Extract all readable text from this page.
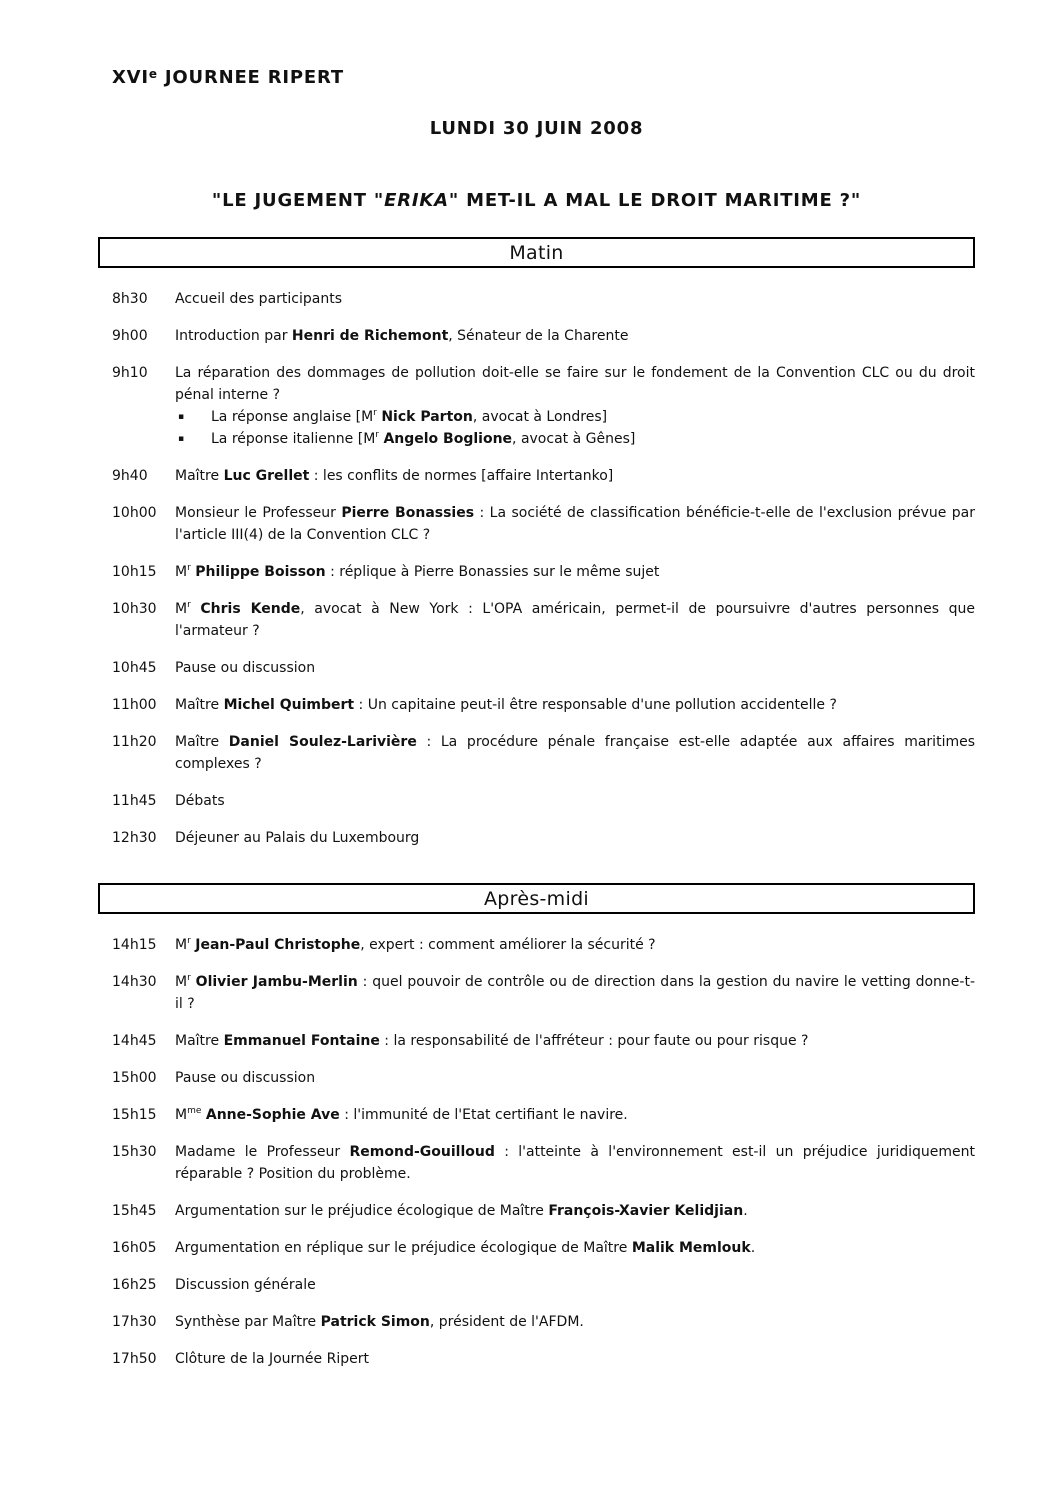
XVIe JOURNEE RIPERT
LUNDI 30 JUIN 2008
"LE JUGEMENT "ERIKA" MET-IL A MAL LE DROIT MARITIME ?"
Matin
8h30	Accueil des participants
9h00	Introduction par Henri de Richemont, Sénateur de la Charente
9h10	La réparation des dommages de pollution doit-elle se faire sur le fondement de la Convention CLC ou du droit pénal interne ?
▪	La réponse anglaise [$M^r$ Nick Parton, avocat à Londres]
▪	La réponse italienne [$M^r$ Angelo Boglione, avocat à Gênes]
9h40	Maître Luc Grellet : les conflits de normes [affaire Intertanko]
10h00	Monsieur le Professeur Pierre Bonassies : La société de classification bénéficie-t-elle de l'exclusion prévue par l'article III(4) de la Convention CLC ?
10h15	$M^r$ Philippe Boisson : réplique à Pierre Bonassies sur le même sujet
10h30	$M^r$ Chris Kende, avocat à New York : L'OPA américain, permet-il de poursuivre d'autres personnes que l'armateur ?
10h45	Pause ou discussion
11h00	Maître Michel Quimbert : Un capitaine peut-il être responsable d'une pollution accidentelle ?
11h20	Maître Daniel Soulez-Larivière : La procédure pénale française est-elle adaptée aux affaires maritimes complexes ?
11h45	Débats
12h30	Déjeuner au Palais du Luxembourg
Après-midi
14h15	$M^r$ Jean-Paul Christophe, expert : comment améliorer la sécurité ?
14h30	$M^r$ Olivier Jambu-Merlin : quel pouvoir de contrôle ou de direction dans la gestion du navire le vetting donne-t-il ?
14h45	Maître Emmanuel Fontaine : la responsabilité de l'affréteur : pour faute ou pour risque ?
15h00	Pause ou discussion
15h15	$M^{me}$ Anne-Sophie Ave : l'immunité de l'Etat certifiant le navire.
15h30	Madame le Professeur Remond-Gouilloud : l'atteinte à l'environnement est-il un préjudice juridiquement réparable ? Position du problème.
15h45	Argumentation sur le préjudice écologique de Maître François-Xavier Kelidjian.
16h05	Argumentation en réplique sur le préjudice écologique de Maître Malik Memlouk.
16h25	Discussion générale
17h30	Synthèse par Maître Patrick Simon, président de l'AFDM.
17h50	Clôture de la Journée Ripert
